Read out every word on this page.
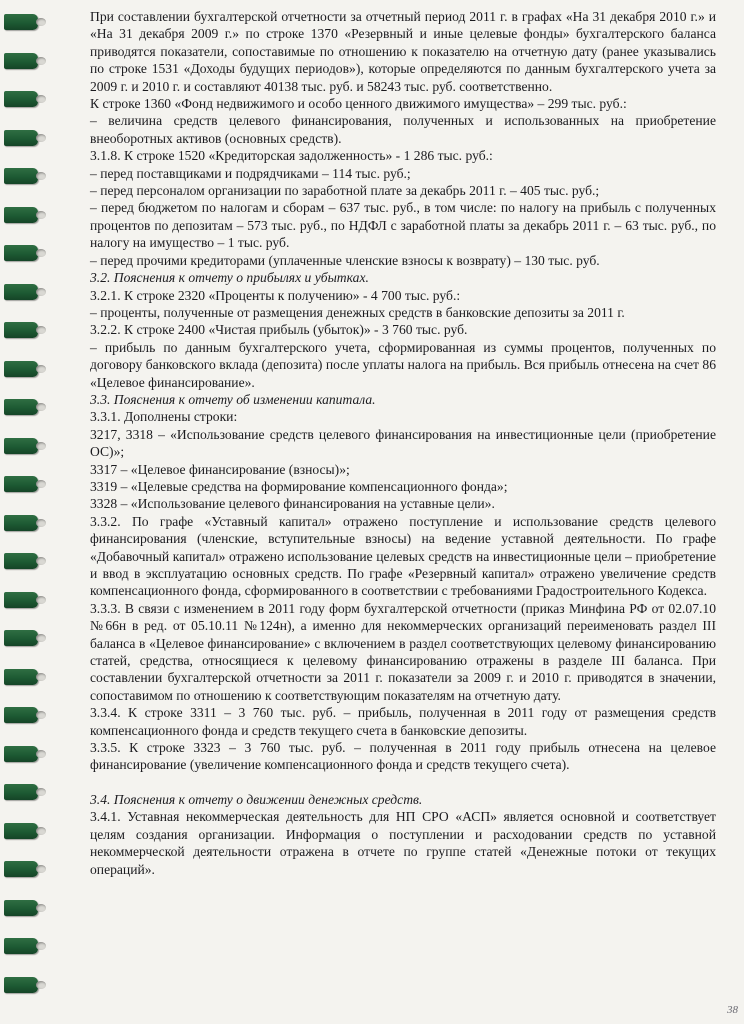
При составлении бухгалтерской отчетности за отчетный период 2011 г. в графах «На 31 декабря 2010 г.» и «На 31 декабря 2009 г.» по строке 1370 «Резервный и иные целевые фонды» бухгалтерского баланса приводятся показатели, сопоставимые по отношению к показателю на отчетную дату (ранее указывались по строке 1531 «Доходы будущих периодов»), которые определяются по данным бухгалтерского учета за 2009 г. и 2010 г. и составляют 40138 тыс. руб. и 58243 тыс. руб. соответственно.

К строке 1360 «Фонд недвижимого и особо ценного движимого имущества» – 299 тыс. руб.:

– величина средств целевого финансирования, полученных и использованных на приобретение внеоборотных активов (основных средств).

3.1.8. К строке 1520 «Кредиторская задолженность» - 1 286 тыс. руб.:

– перед поставщиками и подрядчиками – 114 тыс. руб.;

– перед персоналом организации по заработной плате за декабрь 2011 г. – 405 тыс. руб.;

– перед бюджетом по налогам и сборам – 637 тыс. руб., в том числе: по налогу на прибыль с полученных процентов по депозитам – 573 тыс. руб., по НДФЛ с заработной платы за декабрь 2011 г. – 63 тыс. руб., по налогу на имущество – 1 тыс. руб.

– перед прочими кредиторами (уплаченные членские взносы к возврату) – 130 тыс. руб.

3.2. Пояснения к отчету о прибылях и убытках.

3.2.1. К строке 2320 «Проценты к получению» - 4 700 тыс. руб.:

– проценты, полученные от размещения денежных средств в банковские депозиты за 2011 г.

3.2.2. К строке 2400 «Чистая прибыль (убыток)» - 3 760 тыс. руб.

– прибыль по данным бухгалтерского учета, сформированная из суммы процентов, полученных по договору банковского вклада (депозита) после уплаты налога на прибыль. Вся прибыль отнесена на счет 86 «Целевое финансирование».

3.3. Пояснения к отчету об изменении капитала.

3.3.1. Дополнены строки:

3217, 3318 – «Использование средств целевого финансирования на инвестиционные цели (приобретение ОС)»;

3317 – «Целевое финансирование (взносы)»;

3319 – «Целевые средства на формирование компенсационного фонда»;

3328 – «Использование целевого финансирования на уставные цели».

3.3.2. По графе «Уставный капитал» отражено поступление и использование средств целевого финансирования (членские, вступительные взносы) на ведение уставной деятельности. По графе «Добавочный капитал» отражено использование целевых средств на инвестиционные цели – приобретение и ввод в эксплуатацию основных средств. По графе «Резервный капитал» отражено увеличение средств компенсационного фонда, сформированного в соответствии с требованиями Градостроительного Кодекса.

3.3.3. В связи с изменением в 2011 году форм бухгалтерской отчетности (приказ Минфина РФ от 02.07.10 №66н в ред. от 05.10.11 №124н), а именно для некоммерческих организаций переименовать раздел III баланса в «Целевое финансирование» с включением в раздел соответствующих целевому финансированию статей, средства, относящиеся к целевому финансированию отражены в разделе III баланса. При составлении бухгалтерской отчетности за 2011 г. показатели за 2009 г. и 2010 г. приводятся в значении, сопоставимом по отношению к соответствующим показателям на отчетную дату.

3.3.4. К строке 3311 – 3 760 тыс. руб. – прибыль, полученная в 2011 году от размещения средств компенсационного фонда и средств текущего счета в банковские депозиты.

3.3.5. К строке 3323 – 3 760 тыс. руб. – полученная в 2011 году прибыль отнесена на целевое финансирование (увеличение компенсационного фонда и средств текущего счета).

3.4. Пояснения к отчету о движении денежных средств.

3.4.1. Уставная некоммерческая деятельность для НП СРО «АСП» является основной и соответствует целям создания организации. Информация о поступлении и расходовании средств по уставной некоммерческой деятельности отражена в отчете по группе статей «Денежные потоки от текущих операций».

38
